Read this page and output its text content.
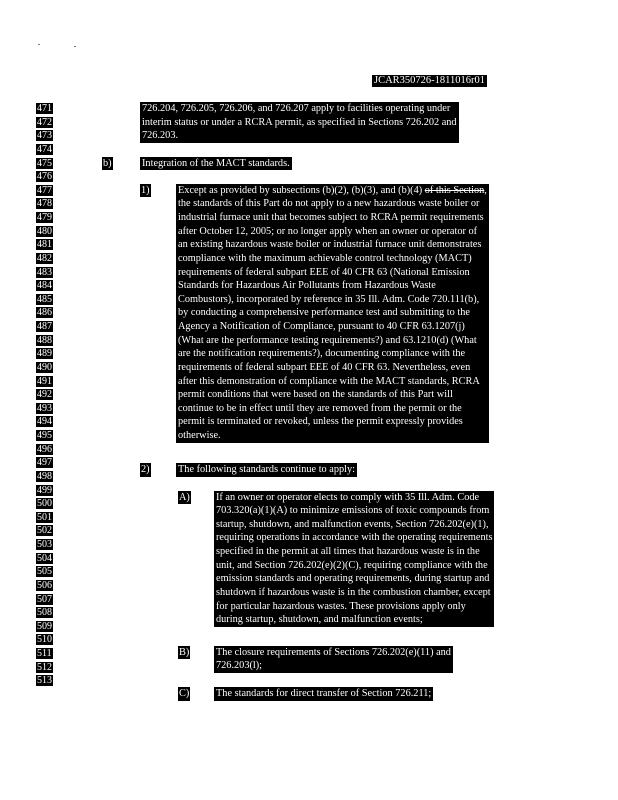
JCAR350726-1811016r01
471
472
473
474
475
476
477
478
479
480
481
482
483
484
485
486
487
488
489
490
491
492
493
494
495
496
497
498
499
500
501
502
503
504
505
506
507
508
509
510
511
512
513
726.204, 726.205, 726.206, and 726.207 apply to facilities operating under
interim status or under a RCRA permit, as specified in Sections 726.202 and
726.203.
b)	Integration of the MACT standards.
1)	Except as provided by subsections (b)(2), (b)(3), and (b)(4) of this Section,
the standards of this Part do not apply to a new hazardous waste boiler or
industrial furnace unit that becomes subject to RCRA permit requirements
after October 12, 2005; or no longer apply when an owner or operator of
an existing hazardous waste boiler or industrial furnace unit demonstrates
compliance with the maximum achievable control technology (MACT)
requirements of federal subpart EEE of 40 CFR 63 (National Emission
Standards for Hazardous Air Pollutants from Hazardous Waste
Combustors), incorporated by reference in 35 Ill. Adm. Code 720.111(b),
by conducting a comprehensive performance test and submitting to the
Agency a Notification of Compliance, pursuant to 40 CFR 63.1207(j)
(What are the performance testing requirements?) and 63.1210(d) (What
are the notification requirements?), documenting compliance with the
requirements of federal subpart EEE of 40 CFR 63. Nevertheless, even
after this demonstration of compliance with the MACT standards, RCRA
permit conditions that were based on the standards of this Part will
continue to be in effect until they are removed from the permit or the
permit is terminated or revoked, unless the permit expressly provides
otherwise.
2)	The following standards continue to apply:
A)	If an owner or operator elects to comply with 35 Ill. Adm. Code
703.320(a)(1)(A) to minimize emissions of toxic compounds from
startup, shutdown, and malfunction events, Section 726.202(e)(1),
requiring operations in accordance with the operating requirements
specified in the permit at all times that hazardous waste is in the
unit, and Section 726.202(e)(2)(C), requiring compliance with the
emission standards and operating requirements, during startup and
shutdown if hazardous waste is in the combustion chamber, except
for particular hazardous wastes. These provisions apply only
during startup, shutdown, and malfunction events;
B)	The closure requirements of Sections 726.202(e)(11) and
726.203(l);
C)	The standards for direct transfer of Section 726.211;
